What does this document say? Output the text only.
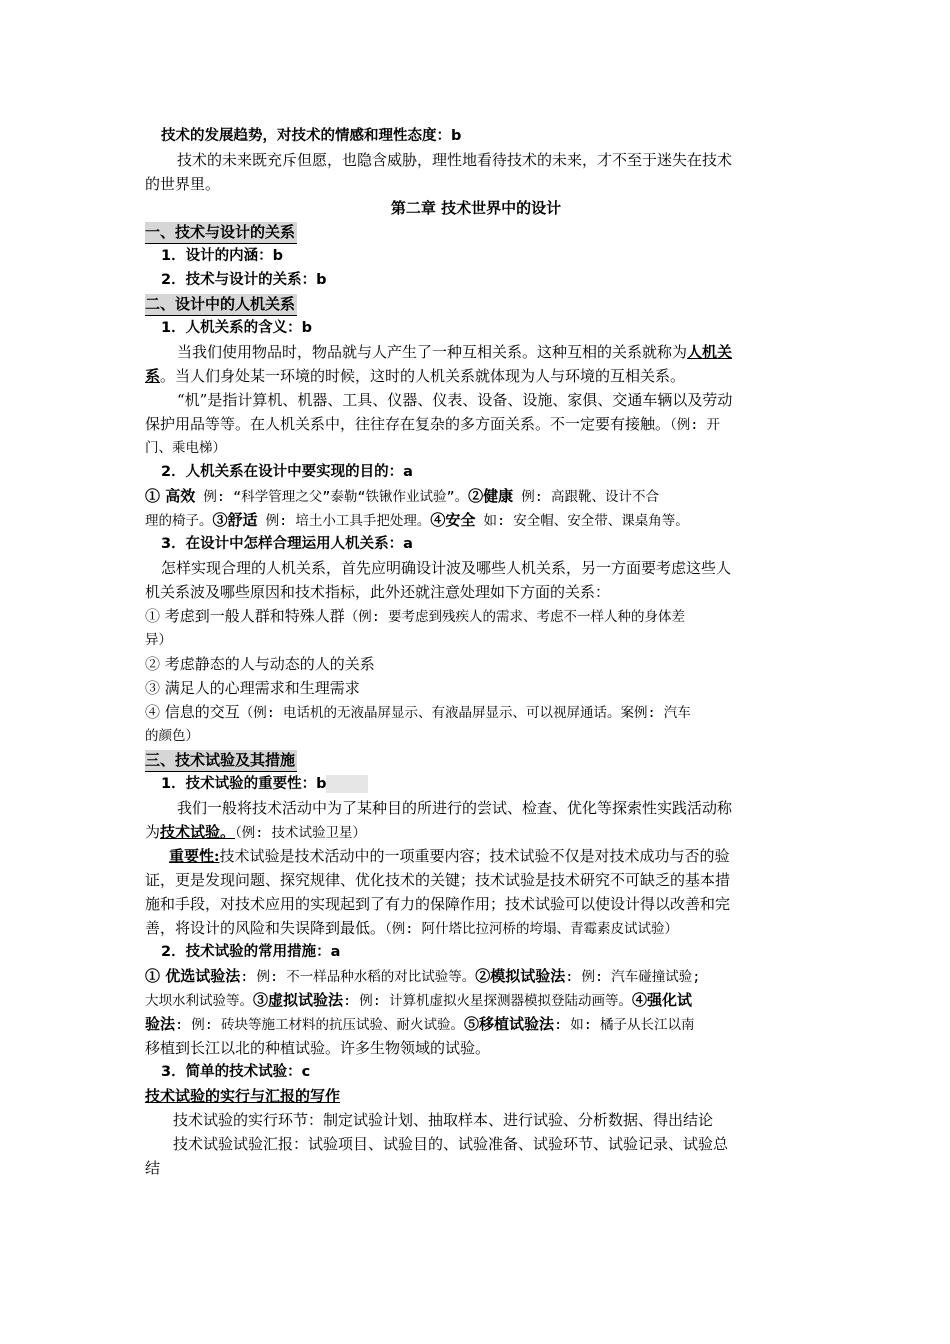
技术的发展趋势，对技术的情感和理性态度：b
技术的未来既充斥但愿，也隐含威胁，理性地看待技术的未来，才不至于迷失在技术
的世界里。
第二章 技术世界中的设计
一、技术与设计的关系
1．设计的内涵：b
2．技术与设计的关系：b
二、设计中的人机关系
1．人机关系的含义：b
当我们使用物品时，物品就与人产生了一种互相关系。这种互相的关系就称为人机关
系。当人们身处某一环境的时候，这时的人机关系就体现为人与环境的互相关系。
“机”是指计算机、机器、工具、仪器、仪表、设备、设施、家俱、交通车辆以及劳动
保护用品等等。在人机关系中，往往存在复杂的多方面关系。不一定要有接触。（例: 开
门、乘电梯）
2．人机关系在设计中要实现的目的：a
① 高效 例: “科学管理之父”泰勒“铁锹作业试验”。②健康 例: 高跟靴、设计不合
理的椅子。③舒适 例: 培土小工具手把处理。④安全 如: 安全帽、安全带、课桌角等。
3．在设计中怎样合理运用人机关系：a
怎样实现合理的人机关系，首先应明确设计波及哪些人机关系，另一方面要考虑这些人
机关系波及哪些原因和技术指标，此外还就注意处理如下方面的关系：
① 考虑到一般人群和特殊人群（例: 要考虑到残疾人的需求、考虑不一样人种的身体差
异）
② 考虑静态的人与动态的人的关系
③ 满足人的心理需求和生理需求
④ 信息的交互（例: 电话机的无液晶屏显示、有液晶屏显示、可以视屏通话。案例: 汽车
的颜色）
三、技术试验及其措施
1．技术试验的重要性：b
我们一般将技术活动中为了某种目的所进行的尝试、检查、优化等探索性实践活动称
为技术试验。（例: 技术试验卫星）
重要性:技术试验是技术活动中的一项重要内容；技术试验不仅是对技术成功与否的验
证，更是发现问题、探究规律、优化技术的关键；技术试验是技术研究不可缺乏的基本措
施和手段，对技术应用的实现起到了有力的保障作用；技术试验可以使设计得以改善和完
善，将设计的风险和失误降到最低。（例: 阿什塔比拉河桥的垮塌、青霉素皮试试验）
2．技术试验的常用措施：a
① 优选试验法: 例: 不一样品种水稻的对比试验等。②模拟试验法: 例: 汽车碰撞试验;
大坝水利试验等。③虚拟试验法: 例: 计算机虚拟火星探测器模拟登陆动画等。④强化试
验法: 例: 砖块等施工材料的抗压试验、耐火试验。⑤移植试验法: 如: 橘子从长江以南
移植到长江以北的种植试验。许多生物领域的试验。
3．简单的技术试验：c
技术试验的实行与汇报的写作
技术试验的实行环节：制定试验计划、抽取样本、进行试验、分析数据、得出结论
技术试验试验汇报：试验项目、试验目的、试验准备、试验环节、试验记录、试验总
结
